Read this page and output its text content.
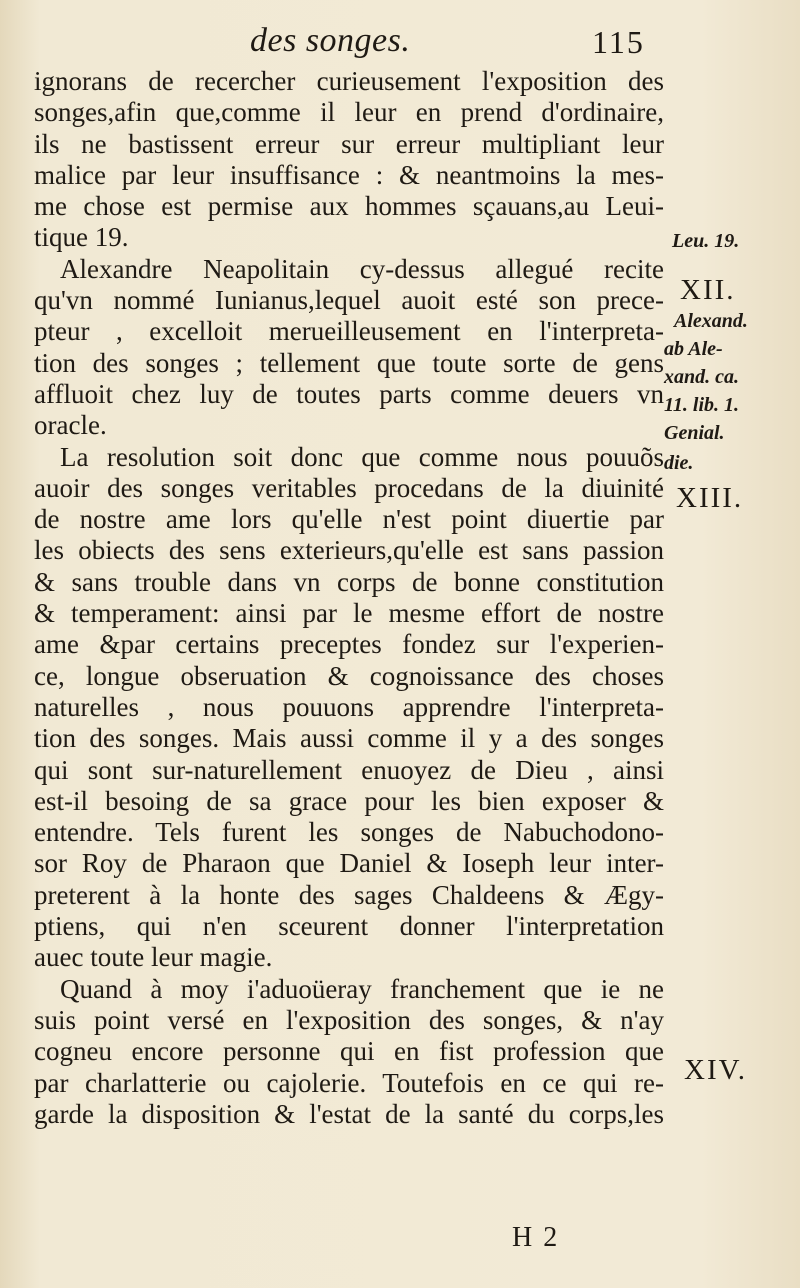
des songes.	115
ignorans de recercher curieusement l'exposition des
songes,afin que,comme il leur en prend d'ordinaire,
ils ne bastissent erreur sur erreur multipliant leur
malice par leur insuffisance : & neantmoins la mes-
me chose est permise aux hommes sçauans,au Leui-
tique 19.
Alexandre Neapolitain cy-dessus allegué recite
qu'vn nommé Iunianus,lequel auoit esté son prece-
pteur , excelloit merueilleusement en l'interpreta-
tion des songes ; tellement que toute sorte de gens
affluoit chez luy de toutes parts comme deuers vn
oracle.
La resolution soit donc que comme nous pouuõs
auoir des songes veritables procedans de la diuinité
de nostre ame lors qu'elle n'est point diuertie par
les obiects des sens exterieurs,qu'elle est sans passion
& sans trouble dans vn corps de bonne constitution
& temperament: ainsi par le mesme effort de nostre
ame &par certains preceptes fondez sur l'experien-
ce, longue obseruation & cognoissance des choses
naturelles , nous pouuons apprendre l'interpreta-
tion des songes. Mais aussi comme il y a des songes
qui sont sur-naturellement enuoyez de Dieu , ainsi
est-il besoing de sa grace pour les bien exposer &
entendre. Tels furent les songes de Nabuchodono-
sor Roy de Pharaon que Daniel & Ioseph leur inter-
preterent à la honte des sages Chaldeens & Ægy-
ptiens, qui n'en sceurent donner l'interpretation
auec toute leur magie.
Quand à moy i'aduoüeray franchement que ie ne
suis point versé en l'exposition des songes, & n'ay
cogneu encore personne qui en fist profession que
par charlatterie ou cajolerie. Toutefois en ce qui re-
garde la disposition & l'estat de la santé du corps,les
Leu. 19.
XII.
Alexand.
ab Ale-
xand. ca.
11. lib. 1.
Genial.
die.
XIII.
XIV.
H 2
